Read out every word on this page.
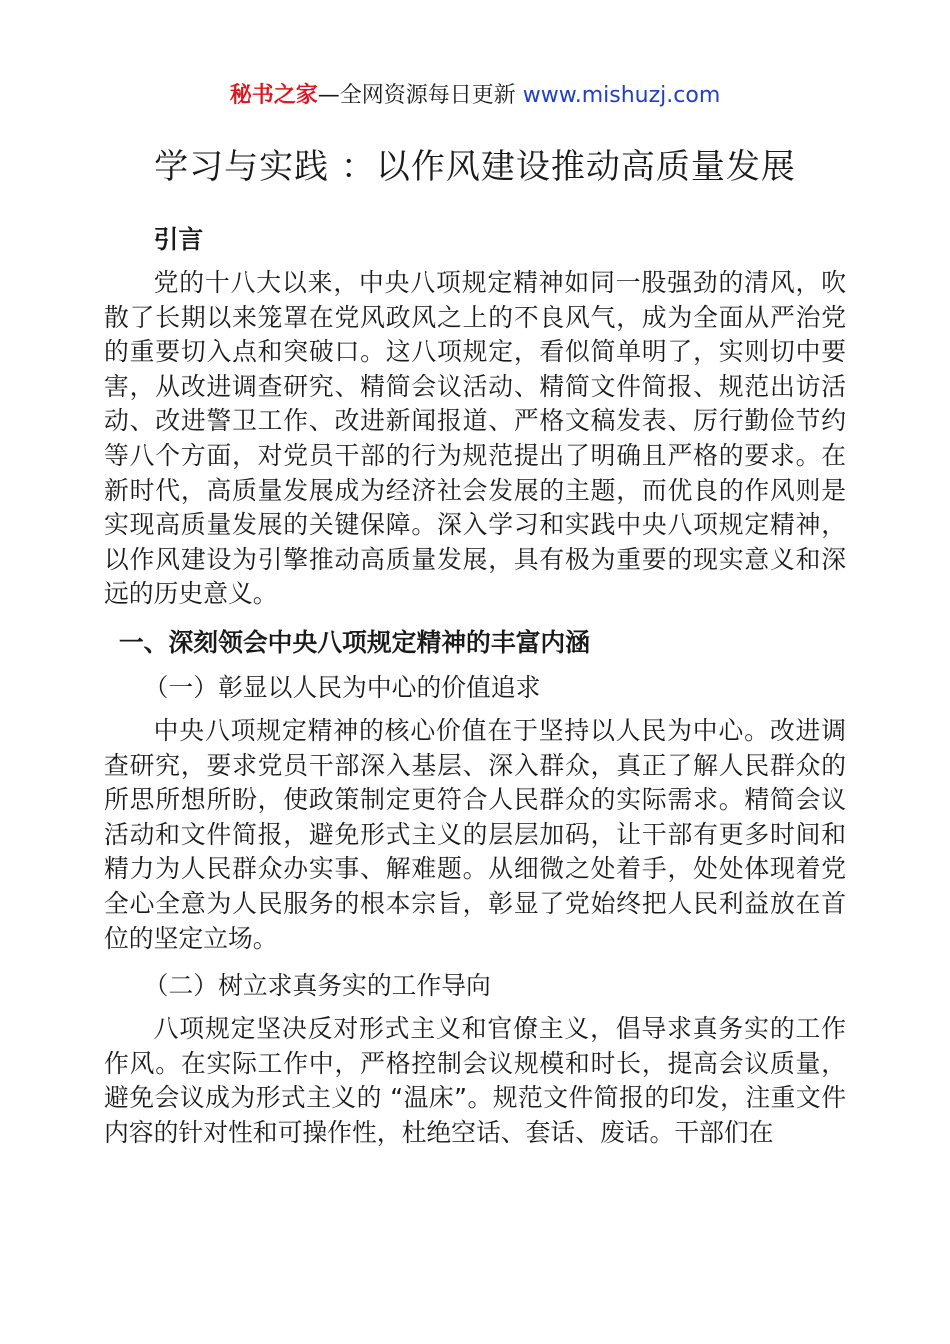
秘书之家—全网资源每日更新 www.mishuzj.com
学习与实践 ：以作风建设推动高质量发展
引言

党的十八大以来，中央八项规定精神如同一股强劲的清风，吹散了长期以来笼罩在党风政风之上的不良风气，成为全面从严治党的重要切入点和突破口。这八项规定，看似简单明了，实则切中要害，从改进调查研究、精简会议活动、精简文件简报、规范出访活动、改进警卫工作、改进新闻报道、严格文稿发表、厉行勤俭节约等八个方面，对党员干部的行为规范提出了明确且严格的要求。在新时代，高质量发展成为经济社会发展的主题，而优良的作风则是实现高质量发展的关键保障。深入学习和实践中央八项规定精神，以作风建设为引擎推动高质量发展，具有极为重要的现实意义和深远的历史意义。

一、深刻领会中央八项规定精神的丰富内涵
（一）彰显以人民为中心的价值追求

中央八项规定精神的核心价值在于坚持以人民为中心。改进调查研究，要求党员干部深入基层、深入群众，真正了解人民群众的所思所想所盼，使政策制定更符合人民群众的实际需求。精简会议活动和文件简报，避免形式主义的层层加码，让干部有更多时间和精力为人民群众办实事、解难题。从细微之处着手，处处体现着党全心全意为人民服务的根本宗旨，彰显了党始终把人民利益放在首位的坚定立场。

（二）树立求真务实的工作导向

八项规定坚决反对形式主义和官僚主义，倡导求真务实的工作作风。在实际工作中，严格控制会议规模和时长，提高会议质量，避免会议成为形式主义的 “温床”。规范文件简报的印发，注重文件内容的针对性和可操作性，杜绝空话、套话、废话。干部们在
